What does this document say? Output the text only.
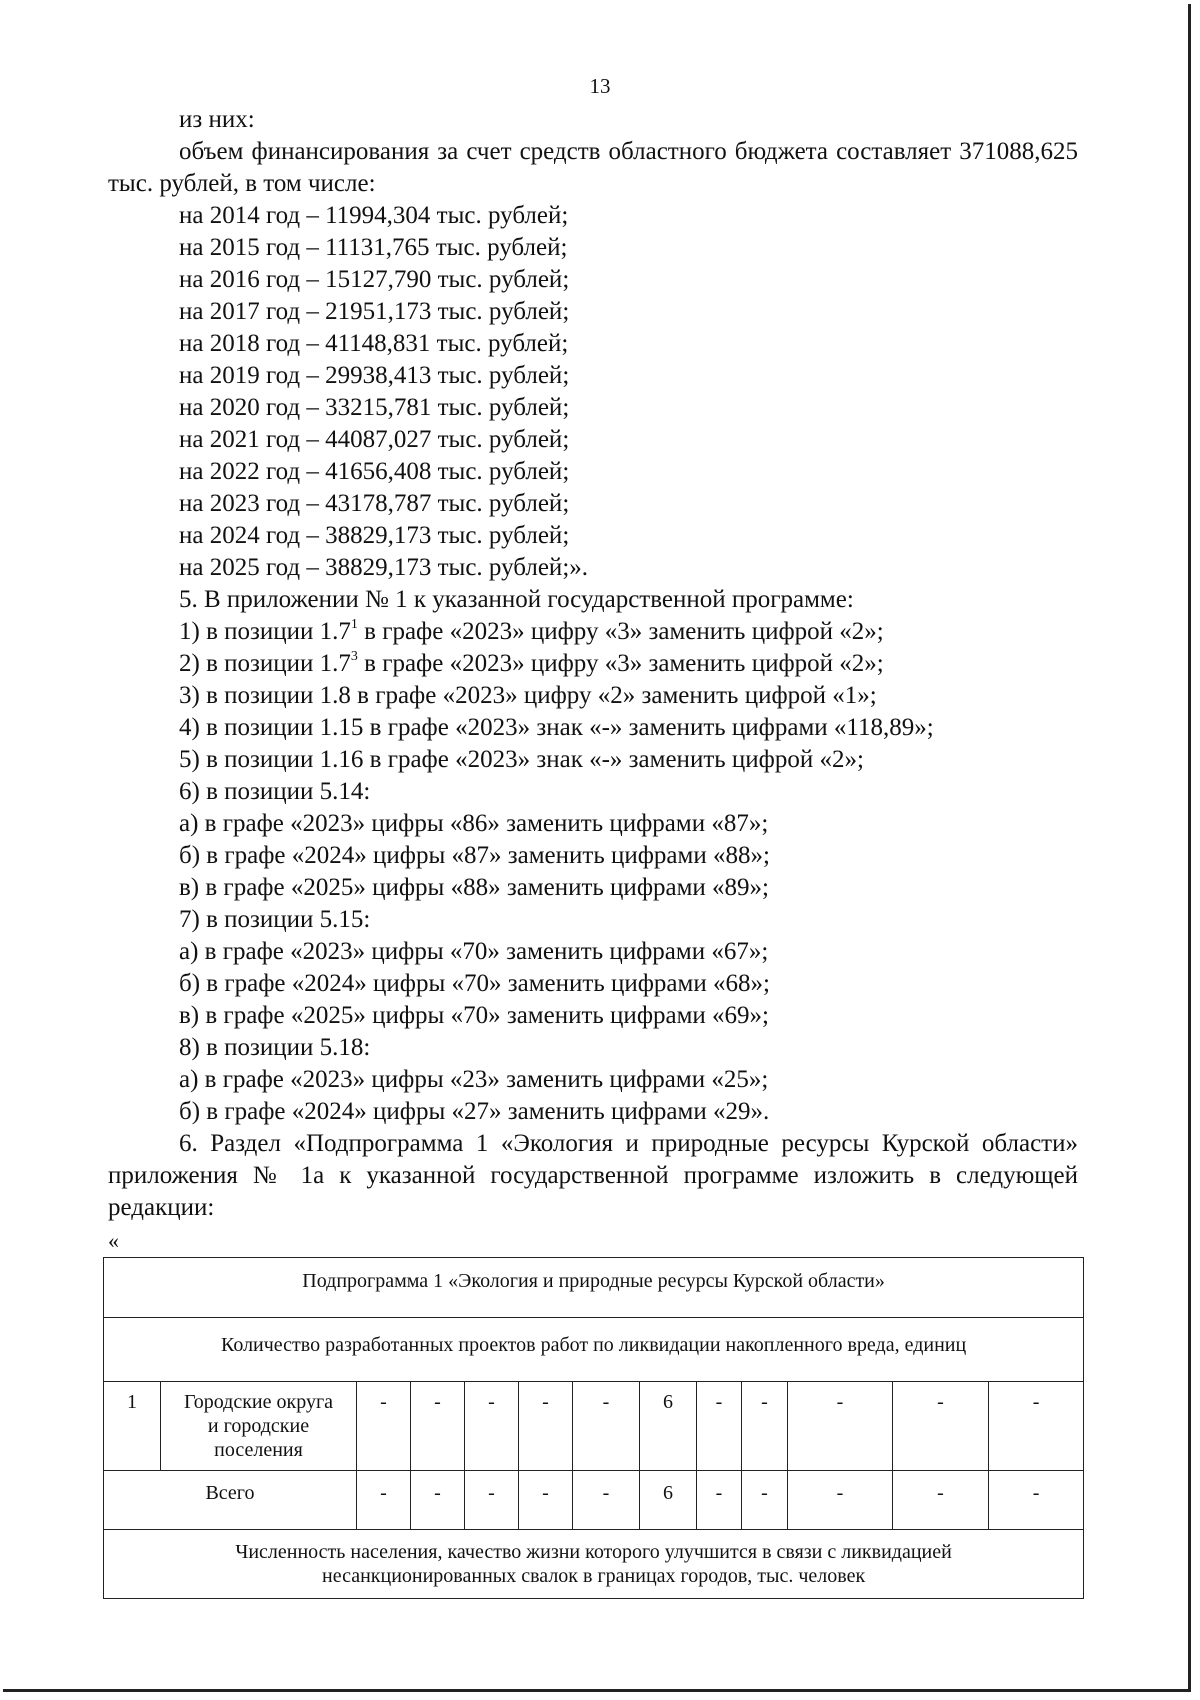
13

из них:

объем финансирования за счет средств областного бюджета составляет 371088,625 тыс. рублей, в том числе:

на 2014 год – 11994,304 тыс. рублей;

на 2015 год – 11131,765 тыс. рублей;

на 2016 год – 15127,790 тыс. рублей;

на 2017 год – 21951,173 тыс. рублей;

на 2018 год – 41148,831 тыс. рублей;

на 2019 год – 29938,413 тыс. рублей;

на 2020 год – 33215,781 тыс. рублей;

на 2021 год – 44087,027 тыс. рублей;

на 2022 год – 41656,408 тыс. рублей;

на 2023 год – 43178,787 тыс. рублей;

на 2024 год – 38829,173 тыс. рублей;

на 2025 год – 38829,173 тыс. рублей;».

5. В приложении № 1 к указанной государственной программе:

1) в позиции $1.7^1$ в графе «2023» цифру «3» заменить цифрой «2»;

2) в позиции $1.7^3$ в графе «2023» цифру «3» заменить цифрой «2»;

3) в позиции 1.8 в графе «2023» цифру «2» заменить цифрой «1»;

4) в позиции 1.15 в графе «2023» знак «-» заменить цифрами «118,89»;

5) в позиции 1.16 в графе «2023» знак «-» заменить цифрой «2»;

6) в позиции 5.14:

а) в графе «2023» цифры «86» заменить цифрами «87»;

б) в графе «2024» цифры «87» заменить цифрами «88»;

в) в графе «2025» цифры «88» заменить цифрами «89»;

7) в позиции 5.15:

а) в графе «2023» цифры «70» заменить цифрами «67»;

б) в графе «2024» цифры «70» заменить цифрами «68»;

в) в графе «2025» цифры «70» заменить цифрами «69»;

8) в позиции 5.18:

а) в графе «2023» цифры «23» заменить цифрами «25»;

б) в графе «2024» цифры «27» заменить цифрами «29».

6. Раздел «Подпрограмма 1 «Экология и природные ресурсы Курской области» приложения № 1а к указанной государственной программе изложить в следующей редакции:

«
Подпрограмма 1 «Экология и природные ресурсы Курской области»												
Количество разработанных проектов работ по ликвидации накопленного вреда, единиц												
1	Городские округа
и городские
поселения	-	-	-	-	-	6	-	-	-	-	-
Всего		-	-	-	-	-	6	-	-	-	-	-

Численность населения, качество жизни которого улучшится в связи с ликвидацией
несанкционированных свалок в границах городов, тыс. человек												
